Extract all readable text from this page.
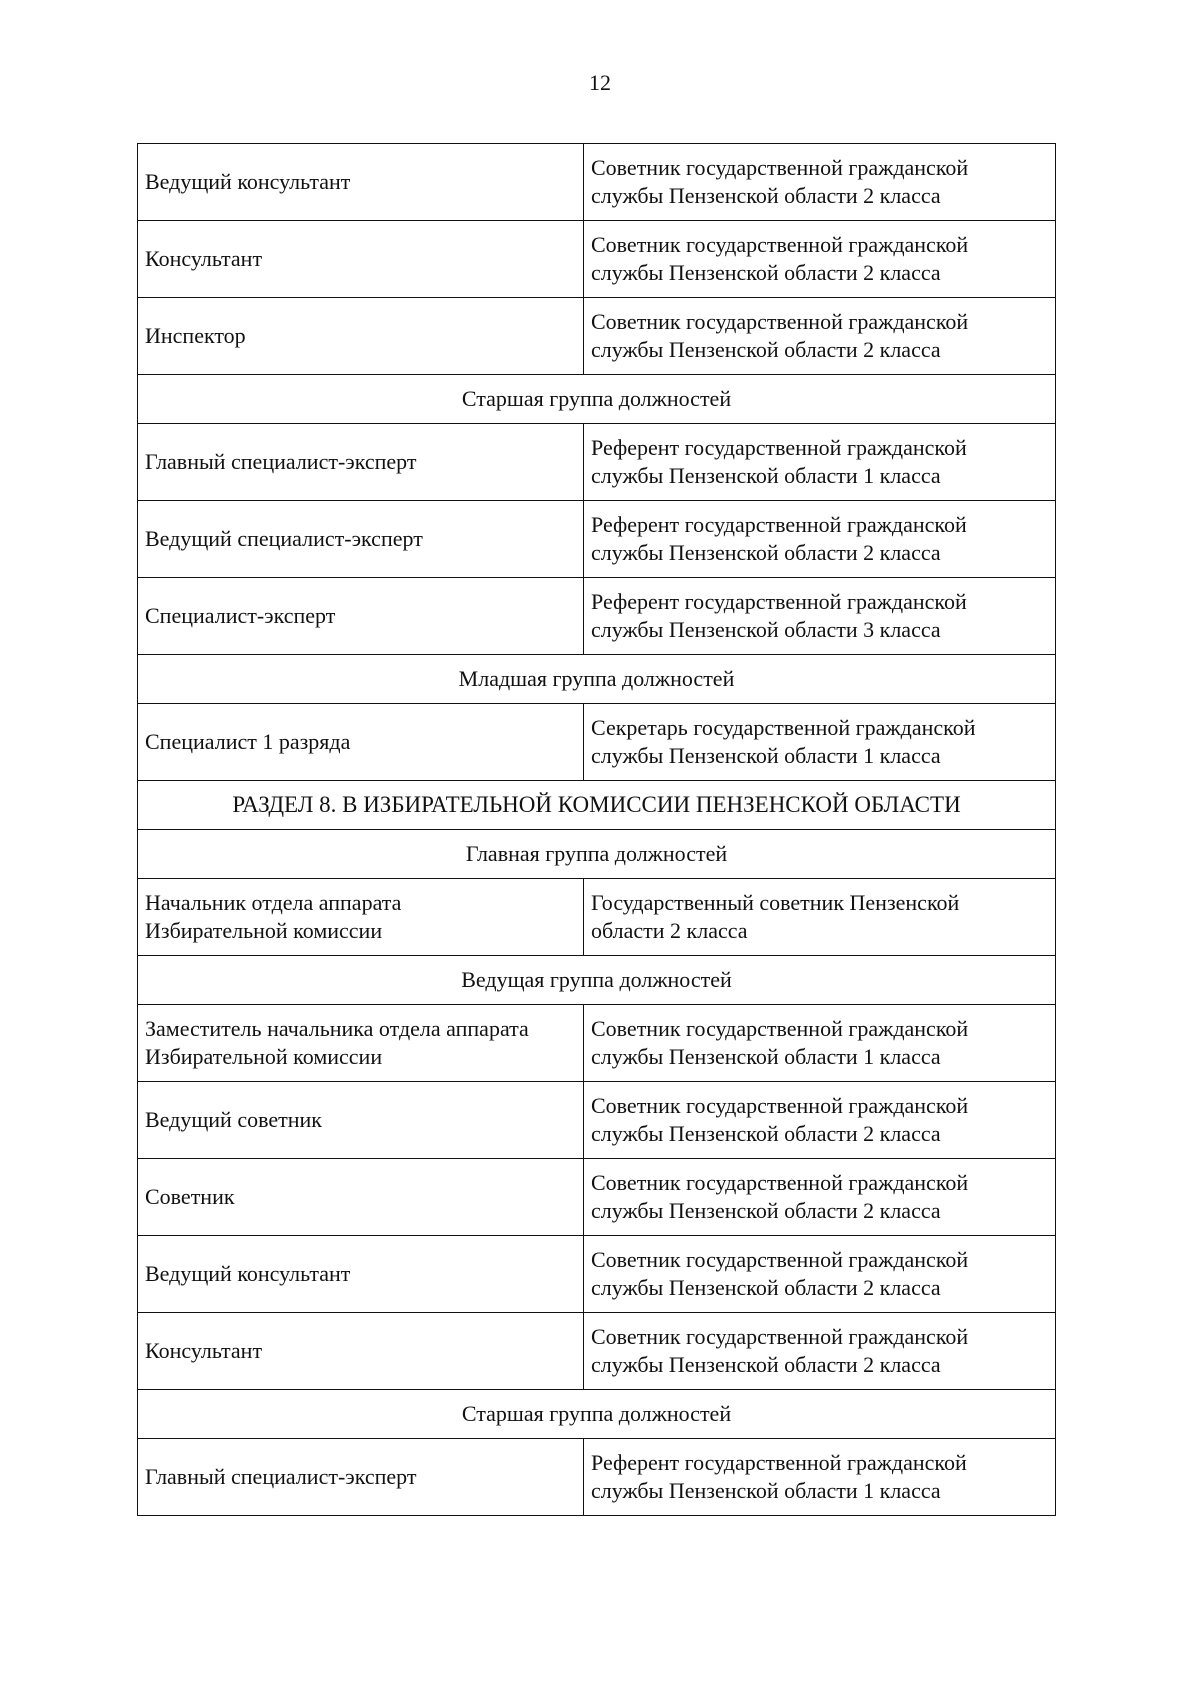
12
Ведущий консультант	Советник государственной гражданской
службы Пензенской области 2 класса

Консультант	Советник государственной гражданской
службы Пензенской области 2 класса

Инспектор	Советник государственной гражданской
службы Пензенской области 2 класса

Старшая группа должностей	

Главный специалист-эксперт	Референт государственной гражданской
службы Пензенской области 1 класса

Ведущий специалист-эксперт	Референт государственной гражданской
службы Пензенской области 2 класса

Специалист-эксперт	Референт государственной гражданской
службы Пензенской области 3 класса

Младшая группа должностей	

Специалист 1 разряда	Секретарь государственной гражданской
службы Пензенской области 1 класса

РАЗДЕЛ 8. В ИЗБИРАТЕЛЬНОЙ КОМИССИИ ПЕНЗЕНСКОЙ ОБЛАСТИ	
Главная группа должностей	

Начальник отдела аппарата
Избирательной комиссии	Государственный советник Пензенской
области 2 класса

Ведущая группа должностей	

Заместитель начальника отдела аппарата
Избирательной комиссии	Советник государственной гражданской
службы Пензенской области 1 класса

Ведущий советник	Советник государственной гражданской
службы Пензенской области 2 класса

Советник	Советник государственной гражданской
службы Пензенской области 2 класса

Ведущий консультант	Советник государственной гражданской
службы Пензенской области 2 класса

Консультант	Советник государственной гражданской
службы Пензенской области 2 класса

Старшая группа должностей	

Главный специалист-эксперт	Референт государственной гражданской
службы Пензенской области 1 класса
